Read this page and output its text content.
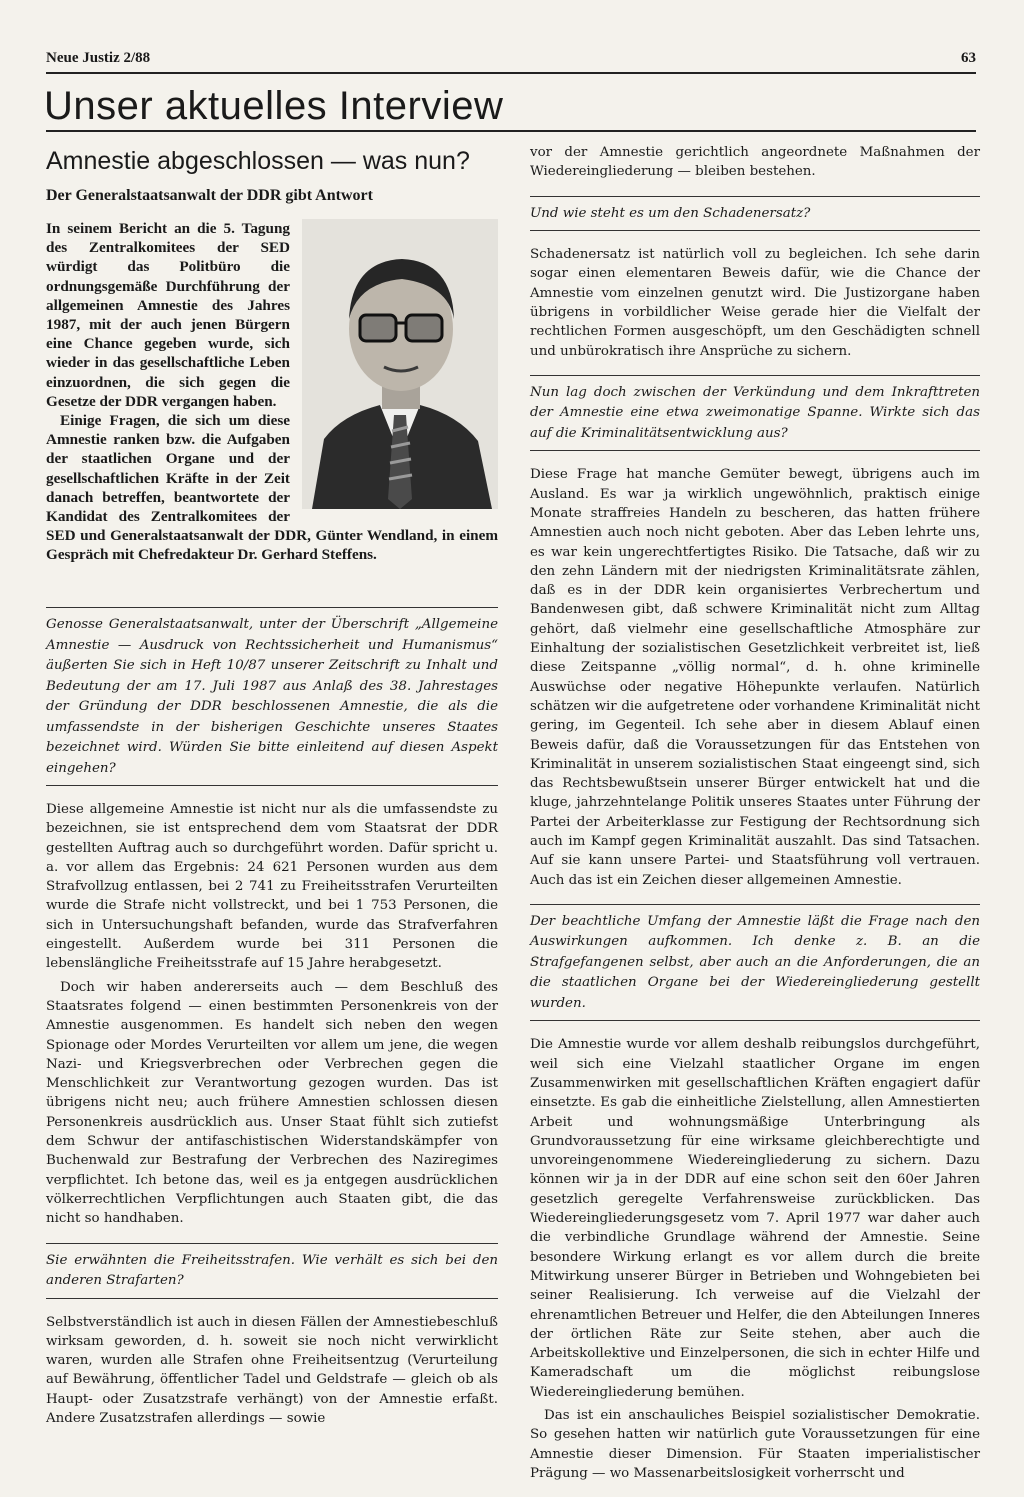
Neue Justiz 2/88	63
Unser aktuelles Interview
Amnestie abgeschlossen — was nun?
Der Generalstaatsanwalt der DDR gibt Antwort

In seinem Bericht an die 5. Tagung des Zentralkomitees der SED würdigt das Politbüro die ordnungsgemäße Durchführung der allgemeinen Amnestie des Jahres 1987, mit der auch jenen Bürgern eine Chance gegeben wurde, sich wieder in das gesellschaftliche Leben einzuordnen, die sich gegen die Gesetze der DDR vergangen haben.

Einige Fragen, die sich um diese Amnestie ranken bzw. die Aufgaben der staatlichen Organe und der gesellschaftlichen Kräfte in der Zeit danach betreffen, beantwortete der Kandidat des Zentralkomitees der SED und Generalstaatsanwalt der DDR, Günter Wendland, in einem Gespräch mit Chefredakteur Dr. Gerhard Steffens.

Genosse Generalstaatsanwalt, unter der Überschrift „Allgemeine Amnestie — Ausdruck von Rechtssicherheit und Humanismus“ äußerten Sie sich in Heft 10/87 unserer Zeitschrift zu Inhalt und Bedeutung der am 17. Juli 1987 aus Anlaß des 38. Jahrestages der Gründung der DDR beschlossenen Amnestie, die als die umfassendste in der bisherigen Geschichte unseres Staates bezeichnet wird. Würden Sie bitte einleitend auf diesen Aspekt eingehen?

Diese allgemeine Amnestie ist nicht nur als die umfassendste zu bezeichnen, sie ist entsprechend dem vom Staatsrat der DDR gestellten Auftrag auch so durchgeführt worden. Dafür spricht u. a. vor allem das Ergebnis: 24 621 Personen wurden aus dem Strafvollzug entlassen, bei 2 741 zu Freiheitsstrafen Verurteilten wurde die Strafe nicht vollstreckt, und bei 1 753 Personen, die sich in Untersuchungshaft befanden, wurde das Strafverfahren eingestellt. Außerdem wurde bei 311 Personen die lebenslängliche Freiheitsstrafe auf 15 Jahre herabgesetzt.

Doch wir haben andererseits auch — dem Beschluß des Staatsrates folgend — einen bestimmten Personenkreis von der Amnestie ausgenommen. Es handelt sich neben den wegen Spionage oder Mordes Verurteilten vor allem um jene, die wegen Nazi- und Kriegsverbrechen oder Verbrechen gegen die Menschlichkeit zur Verantwortung gezogen wurden. Das ist übrigens nicht neu; auch frühere Amnestien schlossen diesen Personenkreis ausdrücklich aus. Unser Staat fühlt sich zutiefst dem Schwur der antifaschistischen Widerstandskämpfer von Buchenwald zur Bestrafung der Verbrechen des Naziregimes verpflichtet. Ich betone das, weil es ja entgegen ausdrücklichen völkerrechtlichen Verpflichtungen auch Staaten gibt, die das nicht so handhaben.

Sie erwähnten die Freiheitsstrafen. Wie verhält es sich bei den anderen Strafarten?

Selbstverständlich ist auch in diesen Fällen der Amnestiebeschluß wirksam geworden, d. h. soweit sie noch nicht verwirklicht waren, wurden alle Strafen ohne Freiheitsentzug (Verurteilung auf Bewährung, öffentlicher Tadel und Geldstrafe — gleich ob als Haupt- oder Zusatzstrafe verhängt) von der Amnestie erfaßt. Andere Zusatzstrafen allerdings — sowie

vor der Amnestie gerichtlich angeordnete Maßnahmen der Wiedereingliederung — bleiben bestehen.

Und wie steht es um den Schadenersatz?

Schadenersatz ist natürlich voll zu begleichen. Ich sehe darin sogar einen elementaren Beweis dafür, wie die Chance der Amnestie vom einzelnen genutzt wird. Die Justizorgane haben übrigens in vorbildlicher Weise gerade hier die Vielfalt der rechtlichen Formen ausgeschöpft, um den Geschädigten schnell und unbürokratisch ihre Ansprüche zu sichern.

Nun lag doch zwischen der Verkündung und dem Inkrafttreten der Amnestie eine etwa zweimonatige Spanne. Wirkte sich das auf die Kriminalitätsentwicklung aus?

Diese Frage hat manche Gemüter bewegt, übrigens auch im Ausland. Es war ja wirklich ungewöhnlich, praktisch einige Monate straffreies Handeln zu bescheren, das hatten frühere Amnestien auch noch nicht geboten. Aber das Leben lehrte uns, es war kein ungerechtfertigtes Risiko. Die Tatsache, daß wir zu den zehn Ländern mit der niedrigsten Kriminalitätsrate zählen, daß es in der DDR kein organisiertes Verbrechertum und Bandenwesen gibt, daß schwere Kriminalität nicht zum Alltag gehört, daß vielmehr eine gesellschaftliche Atmosphäre zur Einhaltung der sozialistischen Gesetzlichkeit verbreitet ist, ließ diese Zeitspanne „völlig normal“, d. h. ohne kriminelle Auswüchse oder negative Höhepunkte verlaufen. Natürlich schätzen wir die aufgetretene oder vorhandene Kriminalität nicht gering, im Gegenteil. Ich sehe aber in diesem Ablauf einen Beweis dafür, daß die Voraussetzungen für das Entstehen von Kriminalität in unserem sozialistischen Staat eingeengt sind, sich das Rechtsbewußtsein unserer Bürger entwickelt hat und die kluge, jahrzehntelange Politik unseres Staates unter Führung der Partei der Arbeiterklasse zur Festigung der Rechtsordnung sich auch im Kampf gegen Kriminalität auszahlt. Das sind Tatsachen. Auf sie kann unsere Partei- und Staatsführung voll vertrauen. Auch das ist ein Zeichen dieser allgemeinen Amnestie.

Der beachtliche Umfang der Amnestie läßt die Frage nach den Auswirkungen aufkommen. Ich denke z. B. an die Strafgefangenen selbst, aber auch an die Anforderungen, die an die staatlichen Organe bei der Wiedereingliederung gestellt wurden.

Die Amnestie wurde vor allem deshalb reibungslos durchgeführt, weil sich eine Vielzahl staatlicher Organe im engen Zusammenwirken mit gesellschaftlichen Kräften engagiert dafür einsetzte. Es gab die einheitliche Zielstellung, allen Amnestierten Arbeit und wohnungsmäßige Unterbringung als Grundvoraussetzung für eine wirksame gleichberechtigte und unvoreingenommene Wiedereingliederung zu sichern. Dazu können wir ja in der DDR auf eine schon seit den 60er Jahren gesetzlich geregelte Verfahrensweise zurückblicken. Das Wiedereingliederungsgesetz vom 7. April 1977 war daher auch die verbindliche Grundlage während der Amnestie. Seine besondere Wirkung erlangt es vor allem durch die breite Mitwirkung unserer Bürger in Betrieben und Wohngebieten bei seiner Realisierung. Ich verweise auf die Vielzahl der ehrenamtlichen Betreuer und Helfer, die den Abteilungen Inneres der örtlichen Räte zur Seite stehen, aber auch die Arbeitskollektive und Einzelpersonen, die sich in echter Hilfe und Kameradschaft um die möglichst reibungslose Wiedereingliederung bemühen.

Das ist ein anschauliches Beispiel sozialistischer Demokratie. So gesehen hatten wir natürlich gute Voraussetzungen für eine Amnestie dieser Dimension. Für Staaten imperialistischer Prägung — wo Massenarbeitslosigkeit vorherrscht und
